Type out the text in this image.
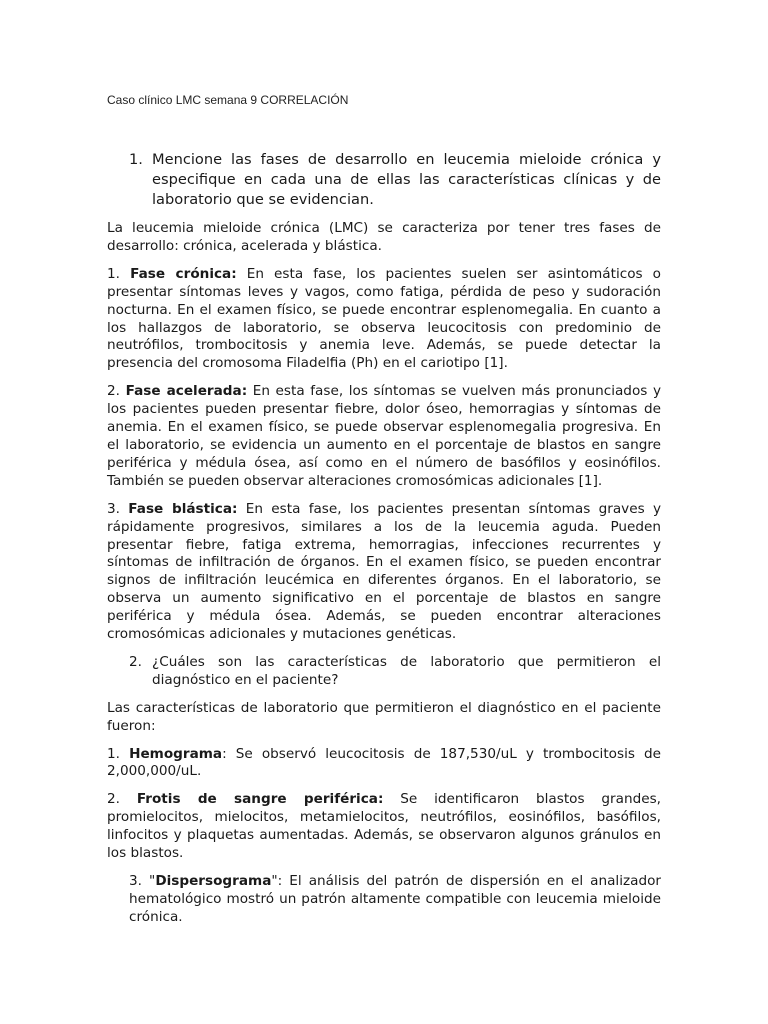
Caso clínico LMC semana 9 CORRELACIÓN
1. Mencione las fases de desarrollo en leucemia mieloide crónica y especifique en cada una de ellas las características clínicas y de laboratorio que se evidencian.

La leucemia mieloide crónica (LMC) se caracteriza por tener tres fases de desarrollo: crónica, acelerada y blástica.

1. Fase crónica: En esta fase, los pacientes suelen ser asintomáticos o presentar síntomas leves y vagos, como fatiga, pérdida de peso y sudoración nocturna. En el examen físico, se puede encontrar esplenomegalia. En cuanto a los hallazgos de laboratorio, se observa leucocitosis con predominio de neutrófilos, trombocitosis y anemia leve. Además, se puede detectar la presencia del cromosoma Filadelfia (Ph) en el cariotipo [1].

2. Fase acelerada: En esta fase, los síntomas se vuelven más pronunciados y los pacientes pueden presentar fiebre, dolor óseo, hemorragias y síntomas de anemia. En el examen físico, se puede observar esplenomegalia progresiva. En el laboratorio, se evidencia un aumento en el porcentaje de blastos en sangre periférica y médula ósea, así como en el número de basófilos y eosinófilos. También se pueden observar alteraciones cromosómicas adicionales [1].

3. Fase blástica: En esta fase, los pacientes presentan síntomas graves y rápidamente progresivos, similares a los de la leucemia aguda. Pueden presentar fiebre, fatiga extrema, hemorragias, infecciones recurrentes y síntomas de infiltración de órganos. En el examen físico, se pueden encontrar signos de infiltración leucémica en diferentes órganos. En el laboratorio, se observa un aumento significativo en el porcentaje de blastos en sangre periférica y médula ósea. Además, se pueden encontrar alteraciones cromosómicas adicionales y mutaciones genéticas.

2. ¿Cuáles son las características de laboratorio que permitieron el diagnóstico en el paciente?

Las características de laboratorio que permitieron el diagnóstico en el paciente fueron:

1. Hemograma: Se observó leucocitosis de 187,530/uL y trombocitosis de 2,000,000/uL.

2. Frotis de sangre periférica: Se identificaron blastos grandes, promielocitos, mielocitos, metamielocitos, neutrófilos, eosinófilos, basófilos, linfocitos y plaquetas aumentadas. Además, se observaron algunos gránulos en los blastos.

3. "Dispersograma": El análisis del patrón de dispersión en el analizador hematológico mostró un patrón altamente compatible con leucemia mieloide crónica.
